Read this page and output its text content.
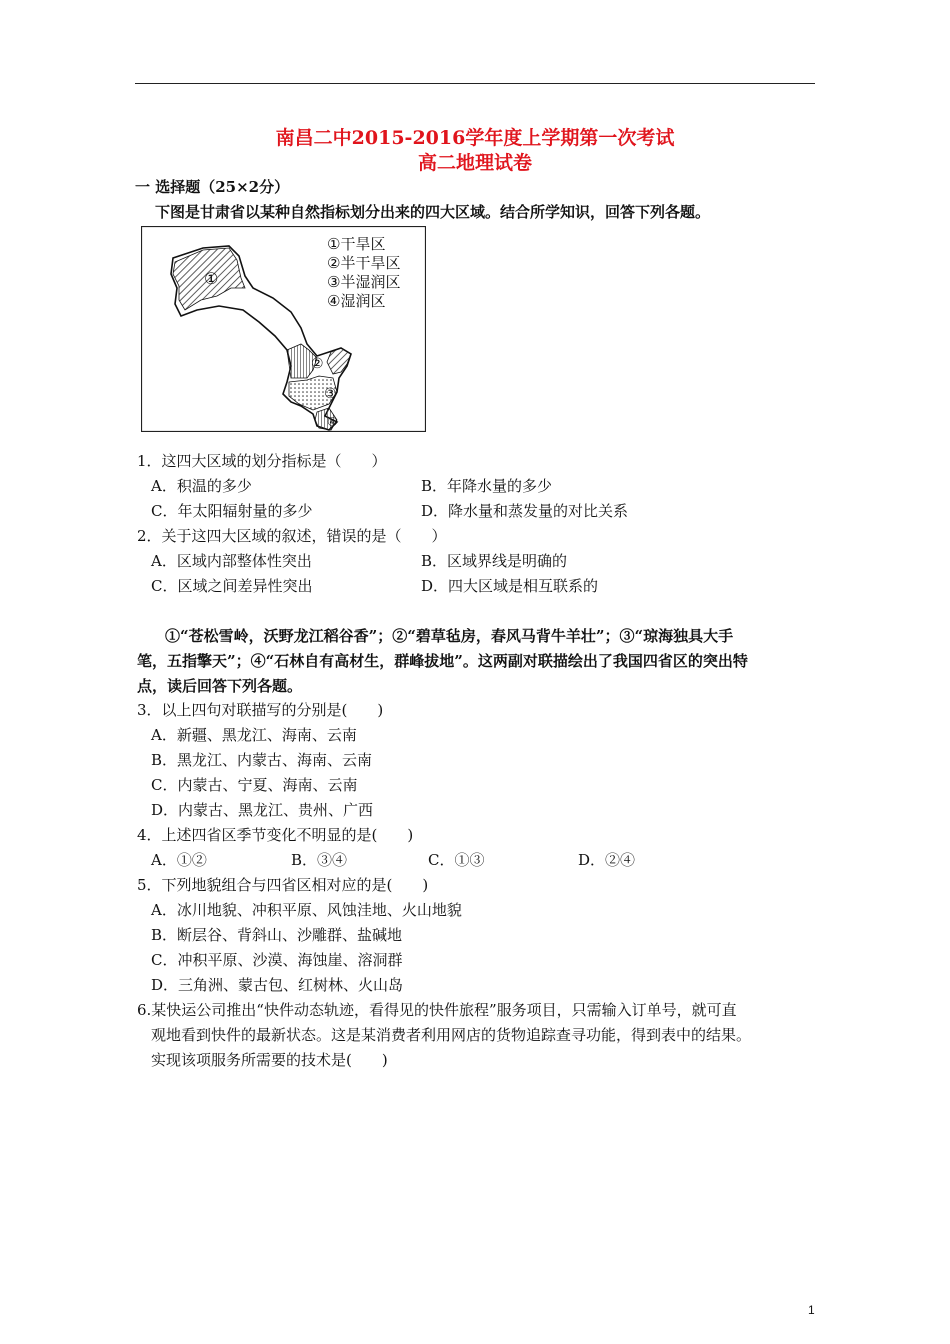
南昌二中2015-2016学年度上学期第一次考试
高二地理试卷
一 选择题（25×2分）
下图是甘肃省以某种自然指标划分出来的四大区域。结合所学知识，回答下列各题。
①
②
③
④
①干旱区
②半干旱区
③半湿润区
④湿润区
1．这四大区域的划分指标是（　　）
A．积温的多少	B．年降水量的多少
C．年太阳辐射量的多少	D．降水量和蒸发量的对比关系
2．关于这四大区域的叙述，错误的是（　　）
A．区域内部整体性突出	B．区域界线是明确的
C．区域之间差异性突出	D．四大区域是相互联系的
①“苍松雪岭，沃野龙江稻谷香”；②“碧草毡房，春风马背牛羊壮”；③“琼海独具大手
笔，五指擎天”；④“石林自有高材生，群峰拔地”。这两副对联描绘出了我国四省区的突出特
点，读后回答下列各题。
3．以上四句对联描写的分别是(　　)
A．新疆、黑龙江、海南、云南
B．黑龙江、内蒙古、海南、云南
C．内蒙古、宁夏、海南、云南
D．内蒙古、黑龙江、贵州、广西
4．上述四省区季节变化不明显的是(　　)
A．①②	B．③④	C．①③	D．②④
5．下列地貌组合与四省区相对应的是(　　)
A．冰川地貌、冲积平原、风蚀洼地、火山地貌
B．断层谷、背斜山、沙雕群、盐碱地
C．冲积平原、沙漠、海蚀崖、溶洞群
D．三角洲、蒙古包、红树林、火山岛
6.某快运公司推出“快件动态轨迹，看得见的快件旅程”服务项目，只需输入订单号，就可直
观地看到快件的最新状态。这是某消费者利用网店的货物追踪查寻功能，得到表中的结果。
实现该项服务所需要的技术是(　　)
1
